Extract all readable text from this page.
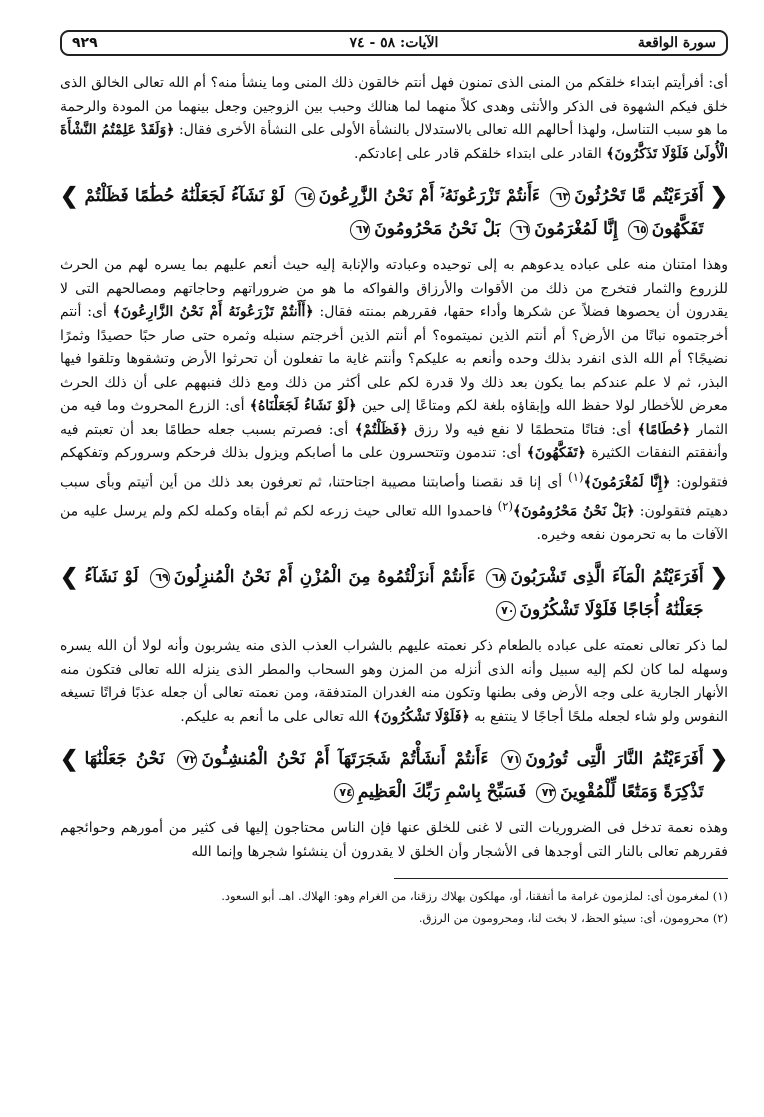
سورة الواقعة
الآيات: ٥٨ - ٧٤
٩٢٩

أى: أفرأيتم ابتداء خلقكم من المنى الذى تمنون فهل أنتم خالقون ذلك المنى وما ينشأ منه؟ أم الله تعالى الخالق الذى خلق فيكم الشهوة فى الذكر والأنثى وهدى كلاً منهما لما هنالك وحبب بين الزوجين وجعل بينهما من المودة والرحمة ما هو سبب التناسل، ولهذا أحالهم الله تعالى بالاستدلال بالنشأة الأولى على النشأة الأخرى فقال: ﴿وَلَقَدْ عَلِمْتُمُ النَّشْأَةَ الْأُولَىٰ فَلَوْلَا تَذَكَّرُونَ﴾ القادر على ابتداء خلقكم قادر على إعادتكم.

❮
أَفَرَءَيْتُم مَّا تَحْرُثُونَ٦٣ ءَأَنتُمْ تَزْرَعُونَهُۥٓ أَمْ نَحْنُ الزَّٰرِعُونَ٦٤ لَوْ نَشَآءُ لَجَعَلْنَٰهُ حُطَٰمًا فَظَلْتُمْ تَفَكَّهُونَ٦٥ إِنَّا لَمُغْرَمُونَ٦٦ بَلْ نَحْنُ مَحْرُومُونَ٦٧
❯

وهذا امتنان منه على عباده يدعوهم به إلى توحيده وعبادته والإنابة إليه حيث أنعم عليهم بما يسره لهم من الحرث للزروع والثمار فتخرج من ذلك من الأقوات والأرزاق والفواكه ما هو من ضروراتهم وحاجاتهم ومصالحهم التى لا يقدرون أن يحصوها فضلاً عن شكرها وأداء حقها، فقررهم بمنته فقال: ﴿أَأَنتُمْ تَزْرَعُونَهُ أَمْ نَحْنُ الزَّارِعُونَ﴾ أى: أنتم أخرجتموه نباتًا من الأرض؟ أم أنتم الذين نميتموه؟ أم أنتم الذين أخرجتم سنبله وثمره حتى صار حبًا حصيدًا وثمرًا نضيجًا؟ أم الله الذى انفرد بذلك وحده وأنعم به عليكم؟ وأنتم غاية ما تفعلون أن تحرثوا الأرض وتشقوها وتلقوا فيها البذر، ثم لا علم عندكم بما يكون بعد ذلك ولا قدرة لكم على أكثر من ذلك ومع ذلك فنبههم على أن ذلك الحرث معرض للأخطار لولا حفظ الله وإبقاؤه بلغة لكم ومتاعًا إلى حين ﴿لَوْ نَشَاءُ لَجَعَلْنَاهُ﴾ أى: الزرع المحروث وما فيه من الثمار ﴿حُطَامًا﴾ أى: فتاتًا متحطمًا لا نفع فيه ولا رزق ﴿فَظَلْتُمْ﴾ أى: فصرتم بسبب جعله حطامًا بعد أن تعبتم فيه وأنفقتم النفقات الكثيرة ﴿تَفَكَّهُونَ﴾ أى: تندمون وتتحسرون على ما أصابكم ويزول بذلك فرحكم وسروركم وتفكهكم فتقولون: ﴿إِنَّا لَمُغْرَمُونَ﴾$^{(١)}$ أى إنا قد نقصنا وأصابتنا مصيبة اجتاحتنا، ثم تعرفون بعد ذلك من أين أتيتم وبأى سبب دهيتم فتقولون: ﴿بَلْ نَحْنُ مَحْرُومُونَ﴾$^{(٢)}$ فاحمدوا الله تعالى حيث زرعه لكم ثم أبقاه وكمله لكم ولم يرسل عليه من الآفات ما به تحرمون نفعه وخيره.

❮
أَفَرَءَيْتُمُ الْمَآءَ الَّذِى تَشْرَبُونَ٦٨ ءَأَنتُمْ أَنزَلْتُمُوهُ مِنَ الْمُزْنِ أَمْ نَحْنُ الْمُنزِلُونَ٦٩ لَوْ نَشَآءُ جَعَلْنَٰهُ أُجَاجًا فَلَوْلَا تَشْكُرُونَ٧٠
❯

لما ذكر تعالى نعمته على عباده بالطعام ذكر نعمته عليهم بالشراب العذب الذى منه يشربون وأنه لولا أن الله يسره وسهله لما كان لكم إليه سبيل وأنه الذى أنزله من المزن وهو السحاب والمطر الذى ينزله الله تعالى فتكون منه الأنهار الجارية على وجه الأرض وفى بطنها وتكون منه الغدران المتدفقة، ومن نعمته تعالى أن جعله عذبًا فراتًا تسيغه النفوس ولو شاء لجعله ملحًا أجاجًا لا ينتفع به ﴿فَلَوْلَا تَشْكُرُونَ﴾ الله تعالى على ما أنعم به عليكم.

❮
أَفَرَءَيْتُمُ النَّارَ الَّتِى تُورُونَ٧١ ءَأَنتُمْ أَنشَأْتُمْ شَجَرَتَهَآ أَمْ نَحْنُ الْمُنشِـُٔونَ٧٢ نَحْنُ جَعَلْنَٰهَا تَذْكِرَةً وَمَتَٰعًا لِّلْمُقْوِينَ٧٣ فَسَبِّحْ بِاسْمِ رَبِّكَ الْعَظِيمِ٧٤
❯

وهذه نعمة تدخل فى الضروريات التى لا غنى للخلق عنها فإن الناس محتاجون إليها فى كثير من أمورهم وحوائجهم فقررهم تعالى بالنار التى أوجدها فى الأشجار وأن الخلق لا يقدرون أن ينشئوا شجرها وإنما الله

(١) لمغرمون أى: لملزمون غرامة ما أنفقنا، أو، مهلكون بهلاك رزقنا، من الغرام وهو: الهلاك. اهـ. أبو السعود.

(٢) محرومون، أى: سيئو الحظ، لا بخت لنا، ومحرومون من الرزق.
